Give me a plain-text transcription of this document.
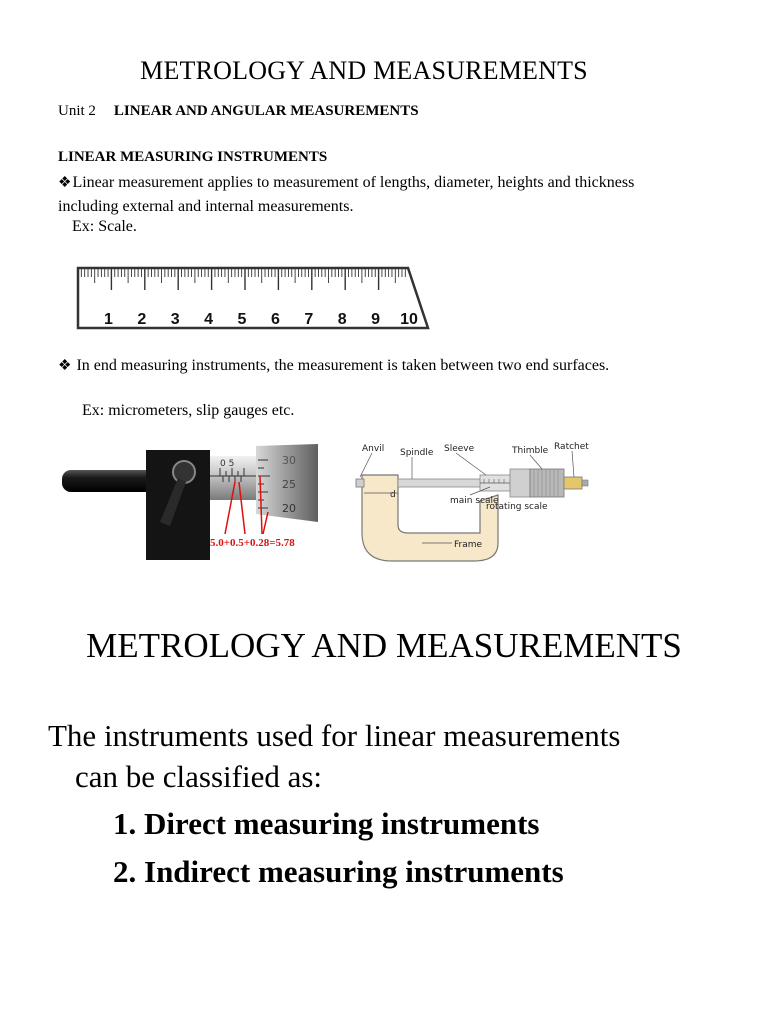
METROLOGY AND MEASUREMENTS
Unit 2 LINEAR AND ANGULAR MEASUREMENTS
LINEAR MEASURING INSTRUMENTS
❖Linear measurement applies to measurement of lengths, diameter, heights and thickness including external and internal measurements.
Ex: Scale.
1 2 3 4 5 6 7 8 9 10
❖ In end measuring instruments, the measurement is taken between two end surfaces.
Ex: micrometers, slip gauges etc.
0 5	30
25
20
5.0+0.5+0.28=5.78
Anvil Spindle Sleeve	Thimble Ratchet
d
main scale
rotating scale
Frame
METROLOGY AND MEASUREMENTS
The instruments used for linear measurements
can be classified as:
1. Direct measuring instruments
2. Indirect measuring instruments
